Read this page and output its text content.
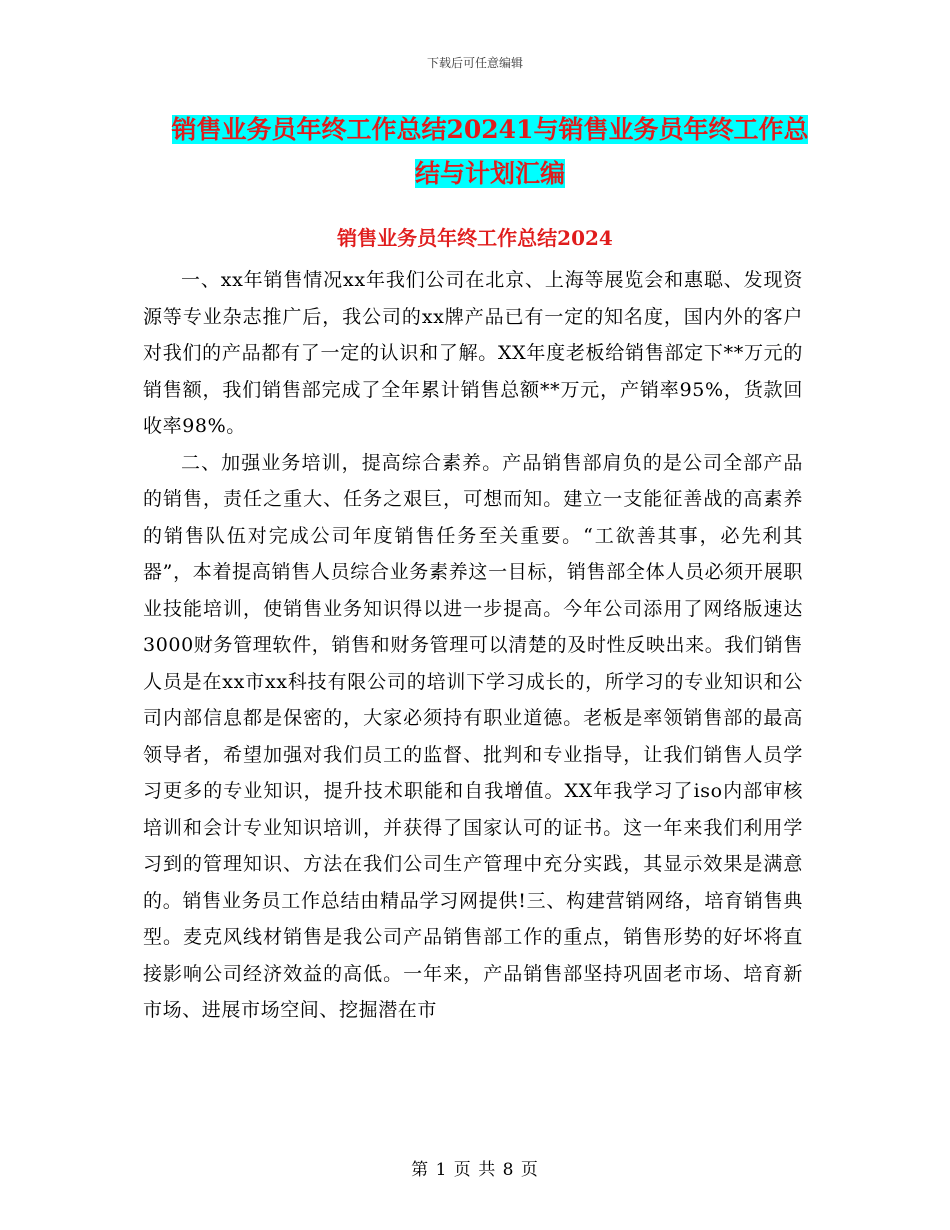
下载后可任意编辑
销售业务员年终工作总结20241与销售业务员年终工作总结与计划汇编
销售业务员年终工作总结2024

一、xx年销售情况xx年我们公司在北京、上海等展览会和惠聪、发现资源等专业杂志推广后，我公司的xx牌产品已有一定的知名度，国内外的客户对我们的产品都有了一定的认识和了解。XX年度老板给销售部定下**万元的销售额，我们销售部完成了全年累计销售总额**万元，产销率95%，货款回收率98%。

二、加强业务培训，提高综合素养。产品销售部肩负的是公司全部产品的销售，责任之重大、任务之艰巨，可想而知。建立一支能征善战的高素养的销售队伍对完成公司年度销售任务至关重要。“工欲善其事，必先利其器”，本着提高销售人员综合业务素养这一目标，销售部全体人员必须开展职业技能培训，使销售业务知识得以进一步提高。今年公司添用了网络版速达3000财务管理软件，销售和财务管理可以清楚的及时性反映出来。我们销售人员是在xx市xx科技有限公司的培训下学习成长的，所学习的专业知识和公司内部信息都是保密的，大家必须持有职业道德。老板是率领销售部的最高领导者，希望加强对我们员工的监督、批判和专业指导，让我们销售人员学习更多的专业知识，提升技术职能和自我增值。XX年我学习了iso内部审核培训和会计专业知识培训，并获得了国家认可的证书。这一年来我们利用学习到的管理知识、方法在我们公司生产管理中充分实践，其显示效果是满意的。销售业务员工作总结由精品学习网提供!三、构建营销网络，培育销售典型。麦克风线材销售是我公司产品销售部工作的重点，销售形势的好坏将直接影响公司经济效益的高低。一年来，产品销售部坚持巩固老市场、培育新市场、进展市场空间、挖掘潜在市

第 1 页 共 8 页
